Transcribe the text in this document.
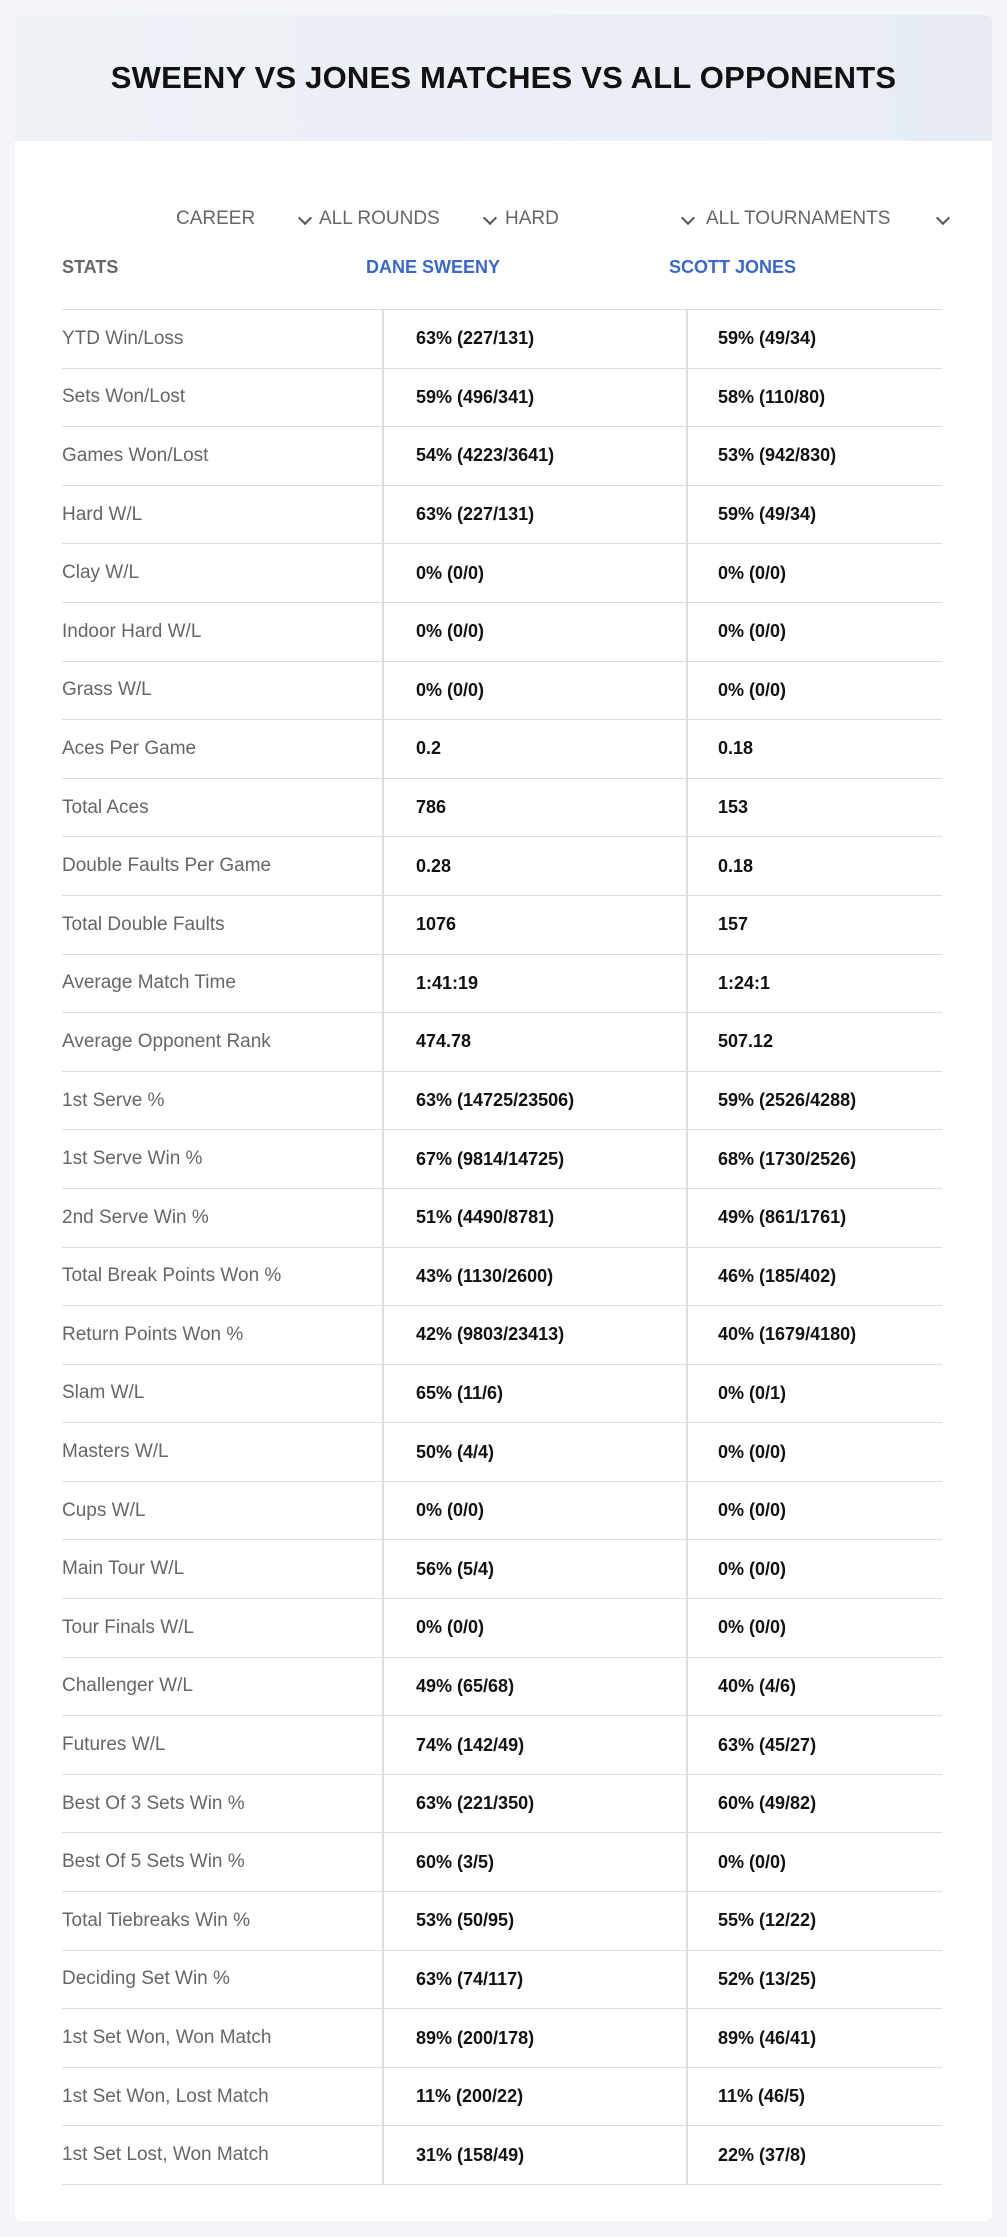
SWEENY VS JONES MATCHES VS ALL OPPONENTS
CAREER	ALL ROUNDS	HARD	ALL TOURNAMENTS
STATS	DANE SWEENY	SCOTT JONES
YTD Win/Loss	63% (227/131)	59% (49/34)
Sets Won/Lost	59% (496/341)	58% (110/80)
Games Won/Lost	54% (4223/3641)	53% (942/830)
Hard W/L	63% (227/131)	59% (49/34)
Clay W/L	0% (0/0)	0% (0/0)
Indoor Hard W/L	0% (0/0)	0% (0/0)
Grass W/L	0% (0/0)	0% (0/0)
Aces Per Game	0.2	0.18
Total Aces	786	153
Double Faults Per Game	0.28	0.18
Total Double Faults	1076	157
Average Match Time	1:41:19	1:24:1
Average Opponent Rank	474.78	507.12
1st Serve %	63% (14725/23506)	59% (2526/4288)
1st Serve Win %	67% (9814/14725)	68% (1730/2526)
2nd Serve Win %	51% (4490/8781)	49% (861/1761)
Total Break Points Won %	43% (1130/2600)	46% (185/402)
Return Points Won %	42% (9803/23413)	40% (1679/4180)
Slam W/L	65% (11/6)	0% (0/1)
Masters W/L	50% (4/4)	0% (0/0)
Cups W/L	0% (0/0)	0% (0/0)
Main Tour W/L	56% (5/4)	0% (0/0)
Tour Finals W/L	0% (0/0)	0% (0/0)
Challenger W/L	49% (65/68)	40% (4/6)
Futures W/L	74% (142/49)	63% (45/27)
Best Of 3 Sets Win %	63% (221/350)	60% (49/82)
Best Of 5 Sets Win %	60% (3/5)	0% (0/0)
Total Tiebreaks Win %	53% (50/95)	55% (12/22)
Deciding Set Win %	63% (74/117)	52% (13/25)
1st Set Won, Won Match	89% (200/178)	89% (46/41)
1st Set Won, Lost Match	11% (200/22)	11% (46/5)
1st Set Lost, Won Match	31% (158/49)	22% (37/8)
